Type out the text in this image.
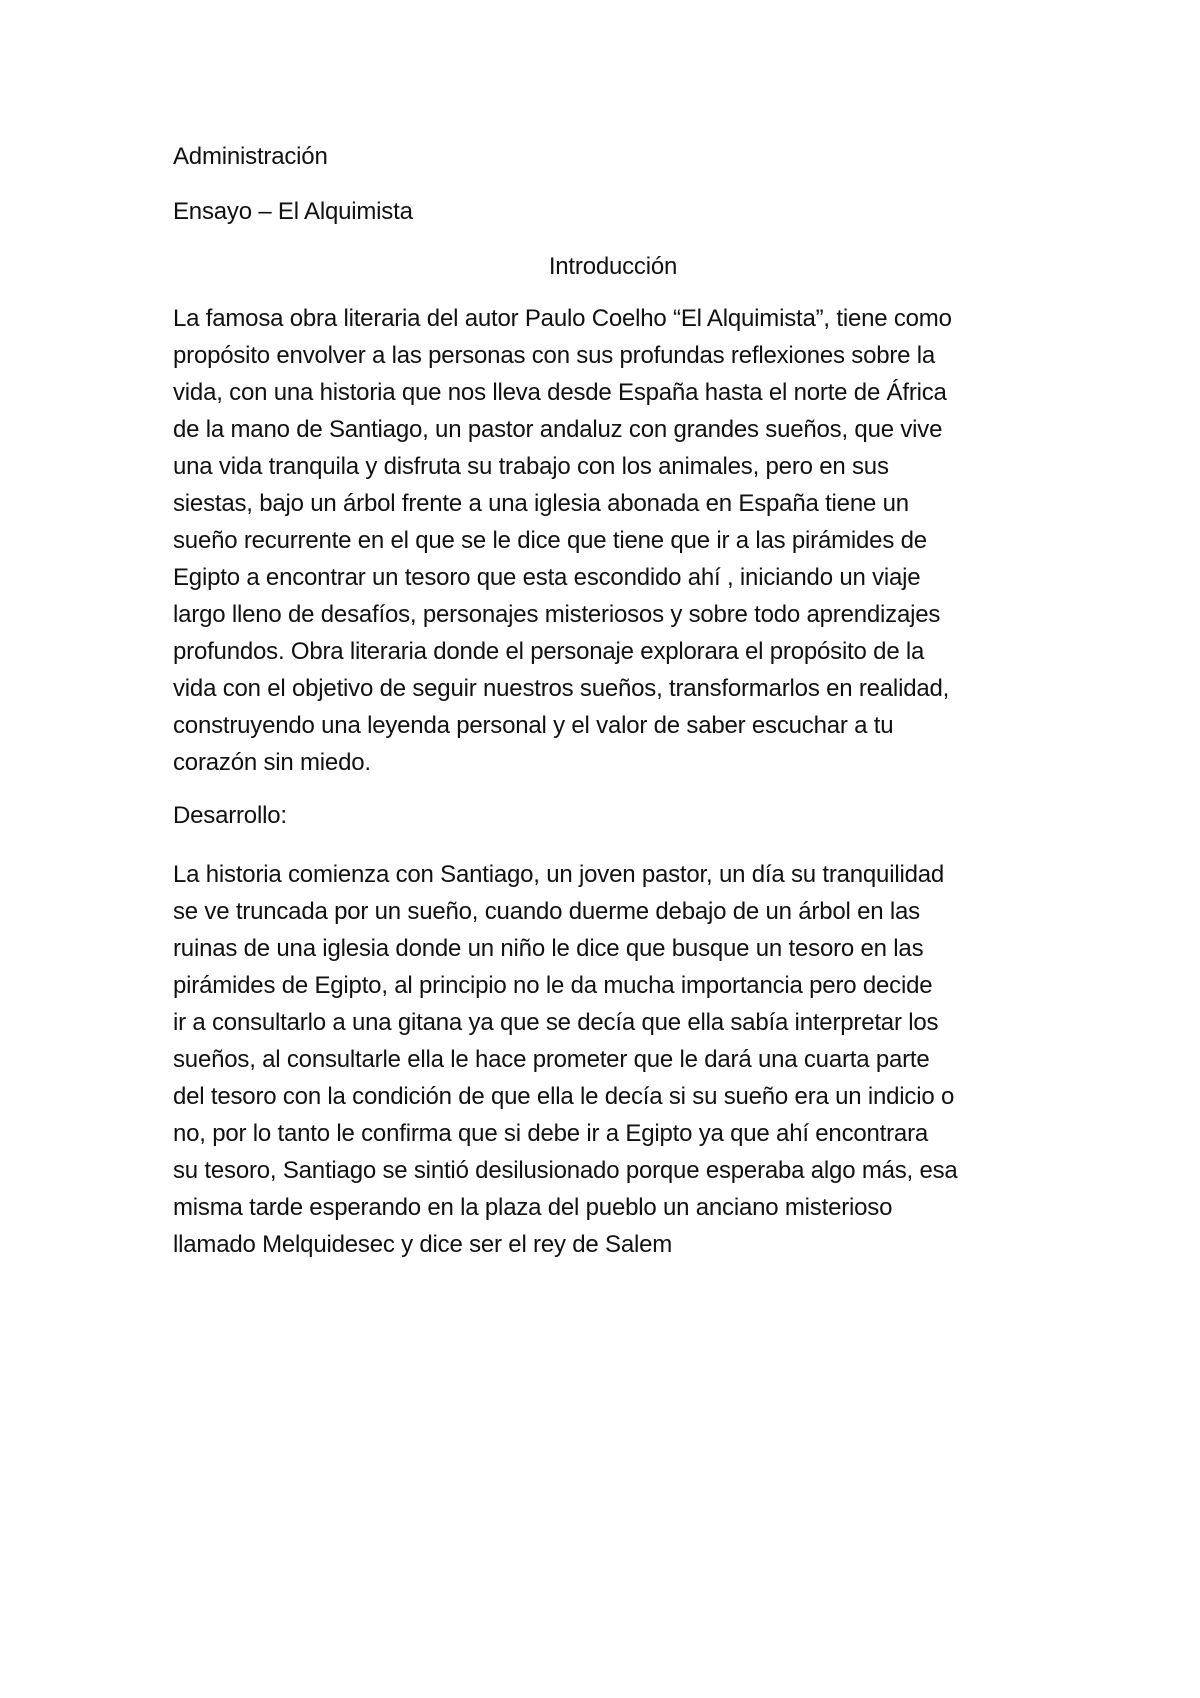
Administración
Ensayo – El Alquimista
Introducción
La famosa obra literaria del autor Paulo Coelho “El Alquimista”, tiene como
propósito envolver a las personas con sus profundas reflexiones sobre la
vida, con una historia que nos lleva desde España hasta el norte de África
de la mano de Santiago, un pastor andaluz con grandes sueños, que vive
una vida tranquila y disfruta su trabajo con los animales, pero en sus
siestas, bajo un árbol frente a una iglesia abonada en España tiene un
sueño recurrente en el que se le dice que tiene que ir a las pirámides de
Egipto a encontrar un tesoro que esta escondido ahí , iniciando un viaje
largo lleno de desafíos, personajes misteriosos y sobre todo aprendizajes
profundos. Obra literaria donde el personaje explorara el propósito de la
vida con el objetivo de seguir nuestros sueños, transformarlos en realidad,
construyendo una leyenda personal y el valor de saber escuchar a tu
corazón sin miedo.
Desarrollo:
La historia comienza con Santiago, un joven pastor, un día su tranquilidad
se ve truncada por un sueño, cuando duerme debajo de un árbol en las
ruinas de una iglesia donde un niño le dice que busque un tesoro en las
pirámides de Egipto, al principio no le da mucha importancia pero decide
ir a consultarlo a una gitana ya que se decía que ella sabía interpretar los
sueños, al consultarle ella le hace prometer que le dará una cuarta parte
del tesoro con la condición de que ella le decía si su sueño era un indicio o
no, por lo tanto le confirma que si debe ir a Egipto ya que ahí encontrara
su tesoro, Santiago se sintió desilusionado porque esperaba algo más, esa
misma tarde esperando en la plaza del pueblo un anciano misterioso
llamado Melquidesec y dice ser el rey de Salem
